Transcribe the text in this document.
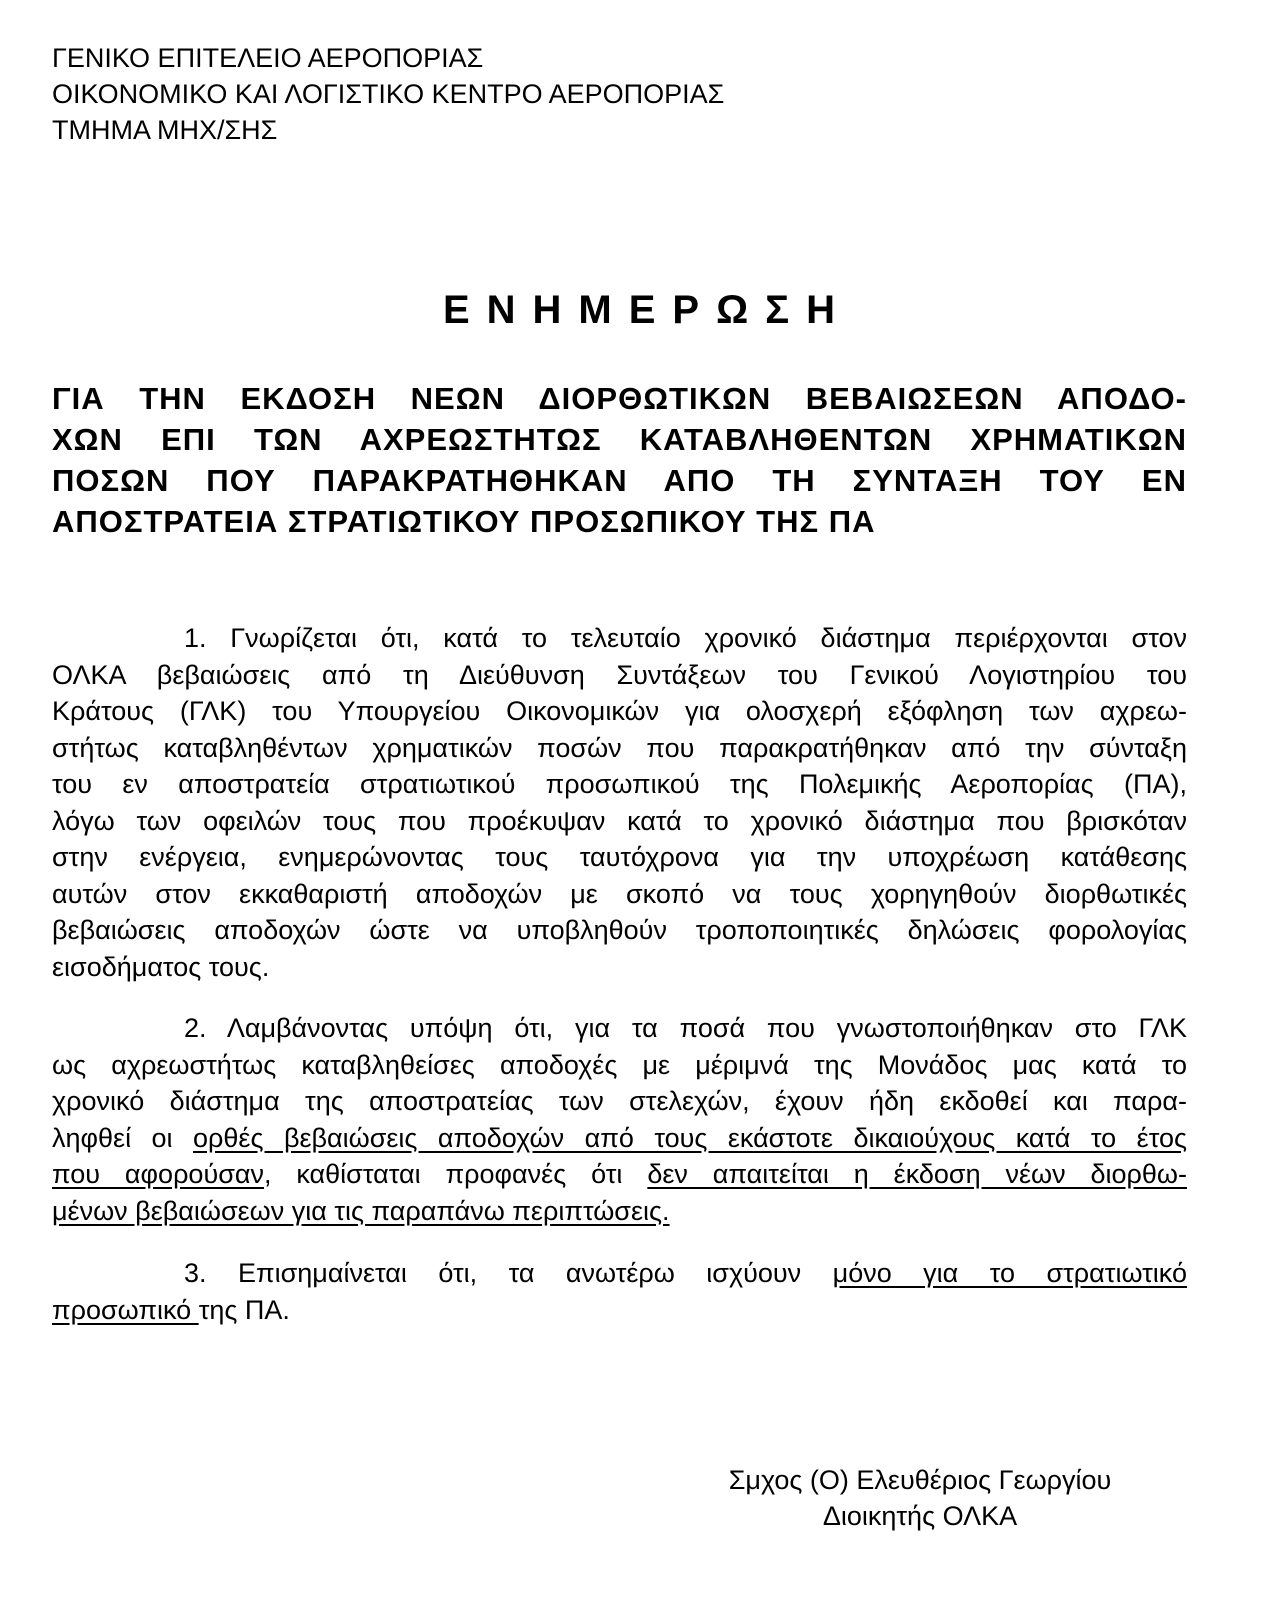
ΓΕΝΙΚΟ ΕΠΙΤΕΛΕΙΟ ΑΕΡΟΠΟΡΙΑΣ
ΟΙΚΟΝΟΜΙΚΟ ΚΑΙ ΛΟΓΙΣΤΙΚΟ ΚΕΝΤΡΟ ΑΕΡΟΠΟΡΙΑΣ
ΤΜΗΜΑ ΜΗΧ/ΣΗΣ
ΕΝΗΜΕΡΩΣΗ
ΓΙΑ ΤΗΝ ΕΚΔΟΣΗ ΝΕΩΝ ΔΙΟΡΘΩΤΙΚΩΝ ΒΕΒΑΙΩΣΕΩΝ ΑΠΟΔΟ-
ΧΩΝ ΕΠΙ ΤΩΝ ΑΧΡΕΩΣΤΗΤΩΣ ΚΑΤΑΒΛΗΘΕΝΤΩΝ ΧΡΗΜΑΤΙΚΩΝ
ΠΟΣΩΝ ΠΟΥ ΠΑΡΑΚΡΑΤΗΘΗΚΑΝ ΑΠΟ ΤΗ ΣΥΝΤΑΞΗ ΤΟΥ ΕΝ
ΑΠΟΣΤΡΑΤΕΙΑ ΣΤΡΑΤΙΩΤΙΚΟΥ ΠΡΟΣΩΠΙΚΟΥ ΤΗΣ ΠΑ
1. Γνωρίζεται ότι, κατά το τελευταίο χρονικό διάστημα περιέρχονται στον
ΟΛΚΑ βεβαιώσεις από τη Διεύθυνση Συντάξεων του Γενικού Λογιστηρίου του
Κράτους (ΓΛΚ) του Υπουργείου Οικονομικών για ολοσχερή εξόφληση των αχρεω-
στήτως καταβληθέντων χρηματικών ποσών που παρακρατήθηκαν από την σύνταξη
του εν αποστρατεία στρατιωτικού προσωπικού της Πολεμικής Αεροπορίας (ΠΑ),
λόγω των οφειλών τους που προέκυψαν κατά το χρονικό διάστημα που βρισκόταν
στην ενέργεια, ενημερώνοντας τους ταυτόχρονα για την υποχρέωση κατάθεσης
αυτών στον εκκαθαριστή αποδοχών με σκοπό να τους χορηγηθούν διορθωτικές
βεβαιώσεις αποδοχών ώστε να υποβληθούν τροποποιητικές δηλώσεις φορολογίας
εισοδήματος τους.
2. Λαμβάνοντας υπόψη ότι, για τα ποσά που γνωστοποιήθηκαν στο ΓΛΚ
ως αχρεωστήτως καταβληθείσες αποδοχές με μέριμνά της Μονάδος μας κατά το
χρονικό διάστημα της αποστρατείας των στελεχών, έχουν ήδη εκδοθεί και παρα-
ληφθεί οι ορθές βεβαιώσεις αποδοχών από τους εκάστοτε δικαιούχους κατά το έτος
που αφορούσαν, καθίσταται προφανές ότι δεν απαιτείται η έκδοση νέων διορθω-
μένων βεβαιώσεων για τις παραπάνω περιπτώσεις.
3. Επισημαίνεται ότι, τα ανωτέρω ισχύουν μόνο για το στρατιωτικό
προσωπικό της ΠΑ.
Σμχος (Ο) Ελευθέριος Γεωργίου
Διοικητής ΟΛΚΑ
